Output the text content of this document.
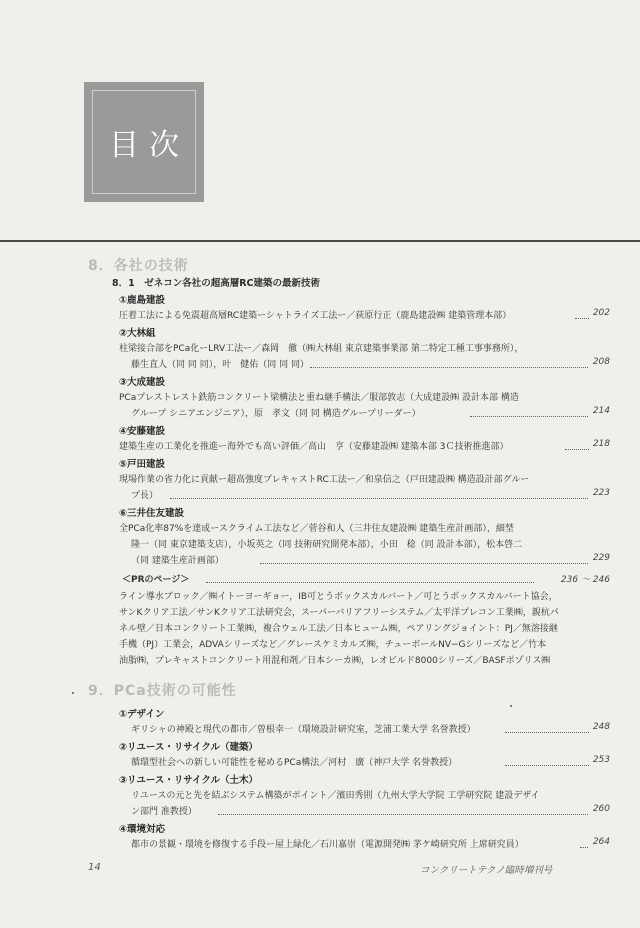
目次
8．各社の技術
8．1　ゼネコン各社の超高層RC建築の最新技術
①鹿島建設
圧着工法による免震超高層RC建築ーシャトライズ工法ー／荻原行正（鹿島建設㈱ 建築管理本部）	202
②大林組
柱梁接合部をPCa化ーLRV工法ー／森岡　徹（㈱大林組 東京建築事業部 第二特定工種工事事務所），
藤生直人（同 同 同），叶　健佑（同 同 同）	208
③大成建設
PCaプレストレスト鉄筋コンクリート梁構法と重ね継手構法／服部敦志（大成建設㈱ 設計本部 構造
グループ シニアエンジニア），原　孝文（同 同 構造グループリーダー）	214
④安藤建設
建築生産の工業化を推進ー海外でも高い評価／高山　亨（安藤建設㈱ 建築本部 3Ｃ技術推進部）	218
⑤戸田建設
現場作業の省力化に貢献ー超高強度プレキャストRC工法ー／和泉信之（戸田建設㈱ 構造設計部グルー
プ長）	223
⑥三井住友建設
全PCa化率87%を達成ースクライム工法など／菅谷和人（三井住友建設㈱ 建築生産計画部），細埜
隆一（同 東京建築支店），小坂英之（同 技術研究開発本部），小田　稔（同 設計本部），松本啓二
（同 建築生産計画部）	229
＜PRのページ＞	236 ～ 246
ライン導水ブロック／㈱イトーヨーギョー，IB可とうボックスカルバート／可とうボックスカルバート協会，
サンKクリア工法／サンKクリア工法研究会，スーパーバリアフリーシステム／太平洋プレコン工業㈱，親杭パ
ネル壁／日本コンクリート工業㈱，複合ウェル工法／日本ヒューム㈱，ペアリングジョイント：PJ／無溶接継
手機（PJ）工業会，ADVAシリーズなど／グレースケミカルズ㈱，チューボールNV−Gシリーズなど／竹本
油脂㈱，プレキャストコンクリート用混和剤／日本シーカ㈱，レオビルド8000シリーズ／BASFポゾリス㈱
9．PCa技術の可能性
①デザイン
ギリシャの神殿と現代の都市／曽根幸一（環境設計研究室，芝浦工業大学 名誉教授）	248
②リユース・リサイクル（建築）
循環型社会への新しい可能性を秘めるPCa構法／河村　廣（神戸大学 名誉教授）	253
③リユース・リサイクル（土木）
リユースの元と先を結ぶシステム構築がポイント／濱田秀則（九州大学大学院 工学研究院 建設デザイ
ン部門 准教授）	260
④環境対応
都市の景観・環境を修復する手段ー屋上緑化／石川嘉崇（電源開発㈱ 茅ケ崎研究所 上席研究員）	264
14	コンクリートテクノ臨時増刊号
